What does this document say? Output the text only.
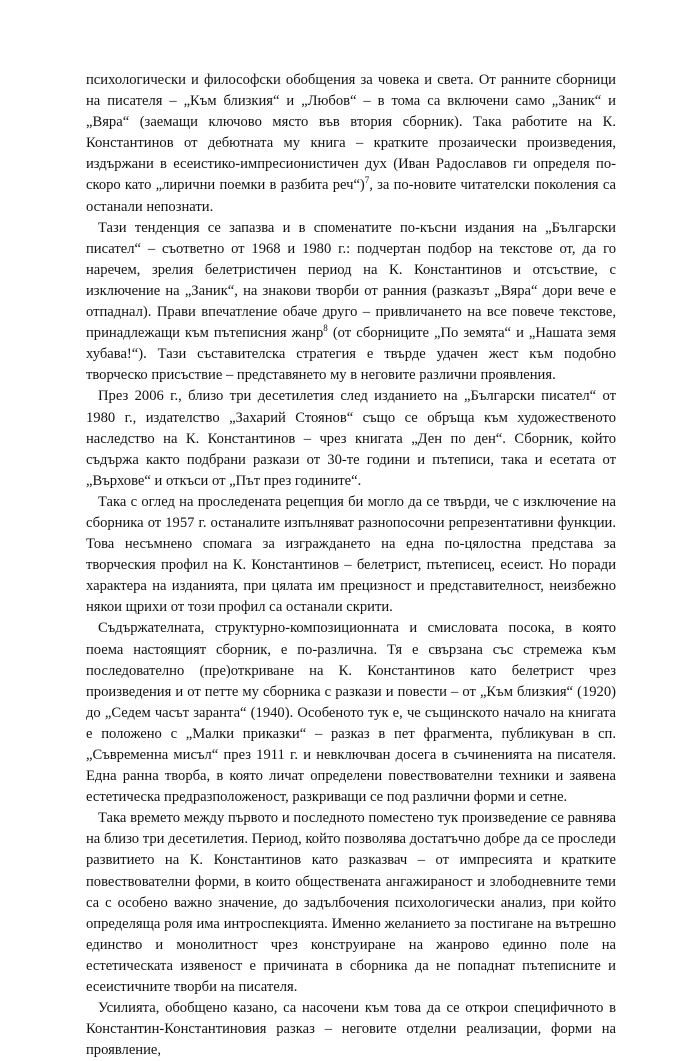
психологически и философски обобщения за човека и света. От ранните сборници на писателя – „Към близкия“ и „Любов“ – в тома са включени само „Заник“ и „Вяра“ (заемащи ключово място във втория сборник). Така работите на К. Константинов от дебютната му книга – кратките прозаически произведения, издържани в есеистико-импресионистичен дух (Иван Радославов ги определя по-скоро като „лирични поемки в разбита реч“)$^7$, за по-новите читателски поколения са останали непознати.

Тази тенденция се запазва и в споменатите по-късни издания на „Български писател“ – съответно от 1968 и 1980 г.: подчертан подбор на текстове от, да го наречем, зрелия белетристичен период на К. Константинов и отсъствие, с изключение на „Заник“, на знакови творби от ранния (разказът „Вяра“ дори вече е отпаднал). Прави впечатление обаче друго – привличането на все повече текстове, принадлежащи към пътеписния жанр$^8$ (от сборниците „По земята“ и „Нашата земя хубава!“). Тази съставителска стратегия е твърде удачен жест към подобно творческо присъствие – представянето му в неговите различни проявления.

През 2006 г., близо три десетилетия след изданието на „Български писател“ от 1980 г., издателство „Захарий Стоянов“ също се обръща към художественото наследство на К. Константинов – чрез книгата „Ден по ден“. Сборник, който съдържа както подбрани разкази от 30-те години и пътеписи, така и есетата от „Върхове“ и откъси от „Път през годините“.

Така с оглед на проследената рецепция би могло да се твърди, че с изключение на сборника от 1957 г. останалите изпълняват разнопосочни репрезентативни функции. Това несъмнено спомага за изграждането на една по-цялостна представа за творческия профил на К. Константинов – белетрист, пътеписец, есеист. Но поради характера на изданията, при цялата им прецизност и представителност, неизбежно някои щрихи от този профил са останали скрити.

Съдържателната, структурно-композиционната и смисловата посока, в която поема настоящият сборник, е по-различна. Тя е свързана със стремежа към последователно (пре)откриване на К. Константинов като белетрист чрез произведения и от петте му сборника с разкази и повести – от „Към близкия“ (1920) до „Седем часът заранта“ (1940). Особеното тук е, че същинското начало на книгата е положено с „Малки приказки“ – разказ в пет фрагмента, публикуван в сп. „Съвременна мисъл“ през 1911 г. и невключван досега в съчиненията на писателя. Една ранна творба, в която личат определени повествователни техники и заявена естетическа предразположеност, разкриващи се под различни форми и сетне.

Така времето между първото и последното поместено тук произведение се равнява на близо три десетилетия. Период, който позволява достатъчно добре да се проследи развитието на К. Константинов като разказвач – от импресията и кратките повествователни форми, в които обществената ангажираност и злободневните теми са с особено важно значение, до задълбочения психологически анализ, при който определяща роля има интроспекцията. Именно желанието за постигане на вътрешно единство и монолитност чрез конструиране на жанрово единно поле на естетическата изявеност е причината в сборника да не попаднат пътеписните и есеистичните творби на писателя.

Усилията, обобщено казано, са насочени към това да се открои специфичното в Константин-Константиновия разказ – неговите отделни реализации, форми на проявление,
